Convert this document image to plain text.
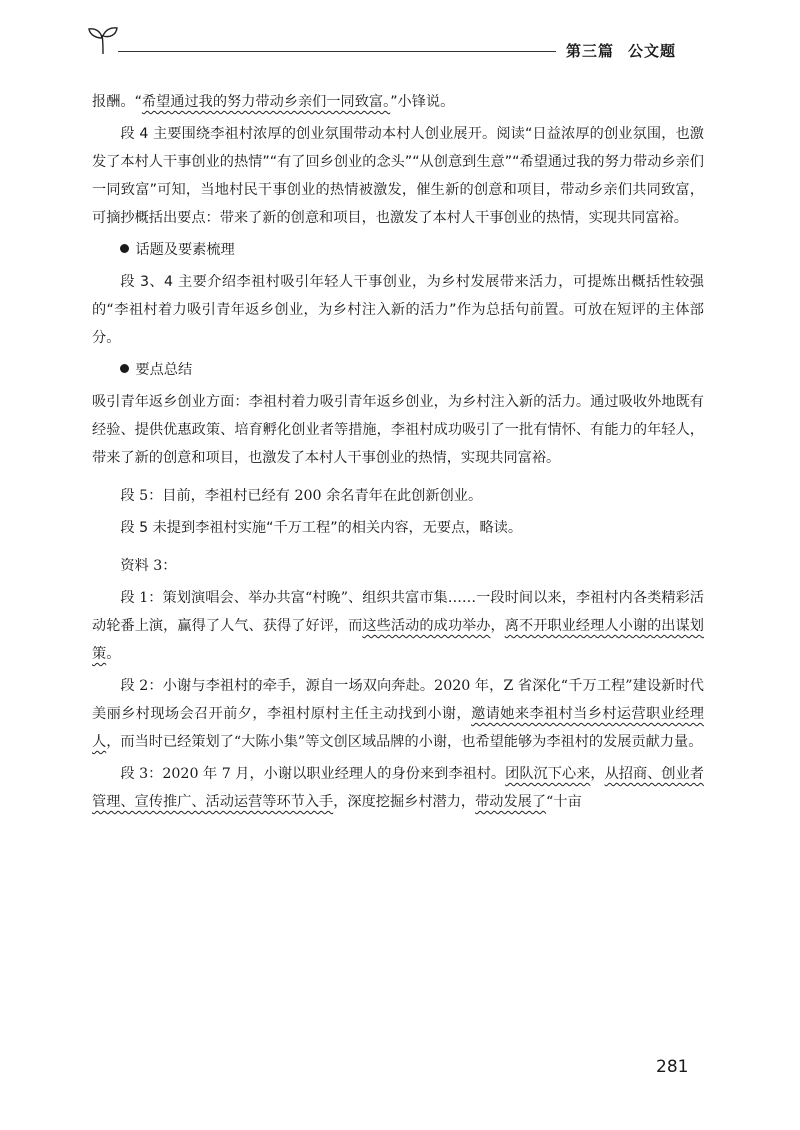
第三篇 公文题

报酬。“希望通过我的努力带动乡亲们一同致富。”小锋说。

段 4 主要围绕李祖村浓厚的创业氛围带动本村人创业展开。阅读“日益浓厚的创业氛围，也激发了本村人干事创业的热情”“有了回乡创业的念头”“从创意到生意”“希望通过我的努力带动乡亲们一同致富”可知，当地村民干事创业的热情被激发，催生新的创意和项目，带动乡亲们共同致富，可摘抄概括出要点：带来了新的创意和项目，也激发了本村人干事创业的热情，实现共同富裕。

话题及要素梳理

段 3、4 主要介绍李祖村吸引年轻人干事创业，为乡村发展带来活力，可提炼出概括性较强的“李祖村着力吸引青年返乡创业，为乡村注入新的活力”作为总括句前置。可放在短评的主体部分。

要点总结

吸引青年返乡创业方面：李祖村着力吸引青年返乡创业，为乡村注入新的活力。通过吸收外地既有经验、提供优惠政策、培育孵化创业者等措施，李祖村成功吸引了一批有情怀、有能力的年轻人，带来了新的创意和项目，也激发了本村人干事创业的热情，实现共同富裕。

段 5：目前，李祖村已经有 200 余名青年在此创新创业。

段 5 未提到李祖村实施“千万工程”的相关内容，无要点，略读。

资料 3：

段 1：策划演唱会、举办共富“村晚”、组织共富市集……一段时间以来，李祖村内各类精彩活动轮番上演，赢得了人气、获得了好评，而这些活动的成功举办，离不开职业经理人小谢的出谋划策。

段 2：小谢与李祖村的牵手，源自一场双向奔赴。2020 年，Z 省深化“千万工程”建设新时代美丽乡村现场会召开前夕，李祖村原村主任主动找到小谢，邀请她来李祖村当乡村运营职业经理人，而当时已经策划了“大陈小集”等文创区域品牌的小谢，也希望能够为李祖村的发展贡献力量。

段 3：2020 年 7 月，小谢以职业经理人的身份来到李祖村。团队沉下心来，从招商、创业者管理、宣传推广、活动运营等环节入手，深度挖掘乡村潜力，带动发展了“十亩

281
